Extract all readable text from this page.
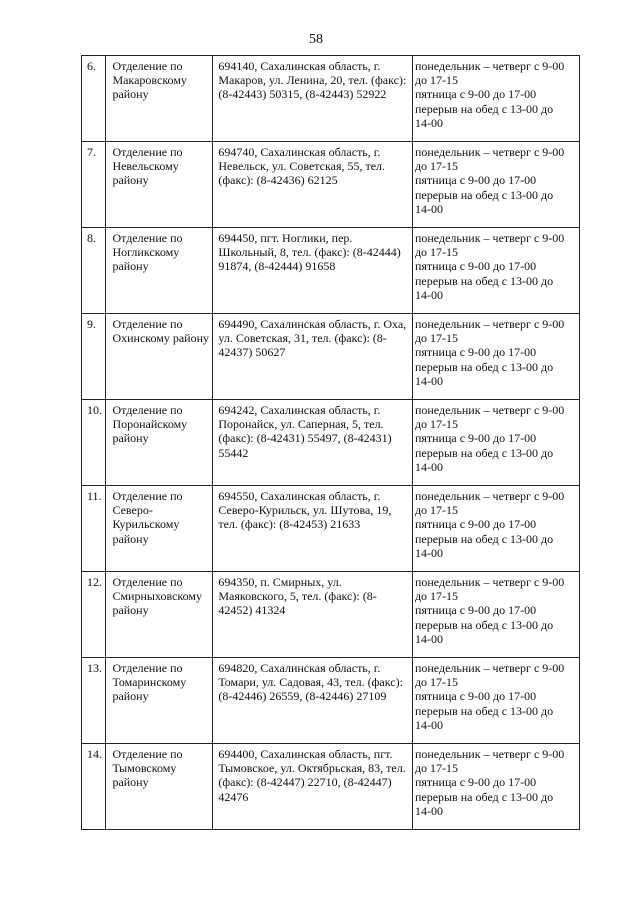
58
6.	Отделение по Макаровскому району	694140, Сахалинская область, г. Макаров, ул. Ленина, 20, тел. (факс): (8-42443) 50315, (8-42443) 52922	понедельник – четверг с 9-00
до 17-15
пятница с 9-00 до 17-00
перерыв на обед с 13-00 до
14-00

7.	Отделение по Невельскому району	694740, Сахалинская область, г. Невельск, ул. Советская, 55, тел. (факс): (8-42436) 62125	понедельник – четверг с 9-00
до 17-15
пятница с 9-00 до 17-00
перерыв на обед с 13-00 до
14-00

8.	Отделение по Ногликскому району	694450, пгт. Ноглики, пер. Школьный, 8, тел. (факс): (8-42444) 91874, (8-42444) 91658	понедельник – четверг с 9-00
до 17-15
пятница с 9-00 до 17-00
перерыв на обед с 13-00 до
14-00

9.	Отделение по Охинскому району	694490, Сахалинская область, г. Оха, ул. Советская, 31, тел. (факс): (8-42437) 50627	понедельник – четверг с 9-00
до 17-15
пятница с 9-00 до 17-00
перерыв на обед с 13-00 до
14-00

10.	Отделение по Поронайскому району	694242, Сахалинская область, г. Поронайск, ул. Саперная, 5, тел. (факс): (8-42431) 55497, (8-42431) 55442	понедельник – четверг с 9-00
до 17-15
пятница с 9-00 до 17-00
перерыв на обед с 13-00 до
14-00

11.	Отделение по Северо-Курильскому району	694550, Сахалинская область, г. Северо-Курильск, ул. Шутова, 19, тел. (факс): (8-42453) 21633	понедельник – четверг с 9-00
до 17-15
пятница с 9-00 до 17-00
перерыв на обед с 13-00 до
14-00

12.	Отделение по Смирныховскому району	694350, п. Смирных, ул. Маяковского, 5, тел. (факс): (8-42452) 41324	понедельник – четверг с 9-00
до 17-15
пятница с 9-00 до 17-00
перерыв на обед с 13-00 до
14-00

13.	Отделение по Томаринскому району	694820, Сахалинская область, г. Томари, ул. Садовая, 43, тел. (факс): (8-42446) 26559, (8-42446) 27109	понедельник – четверг с 9-00
до 17-15
пятница с 9-00 до 17-00
перерыв на обед с 13-00 до
14-00

14.	Отделение по Тымовскому району	694400, Сахалинская область, пгт. Тымовское, ул. Октябрьская, 83, тел. (факс): (8-42447) 22710, (8-42447) 42476	понедельник – четверг с 9-00
до 17-15
пятница с 9-00 до 17-00
перерыв на обед с 13-00 до
14-00
